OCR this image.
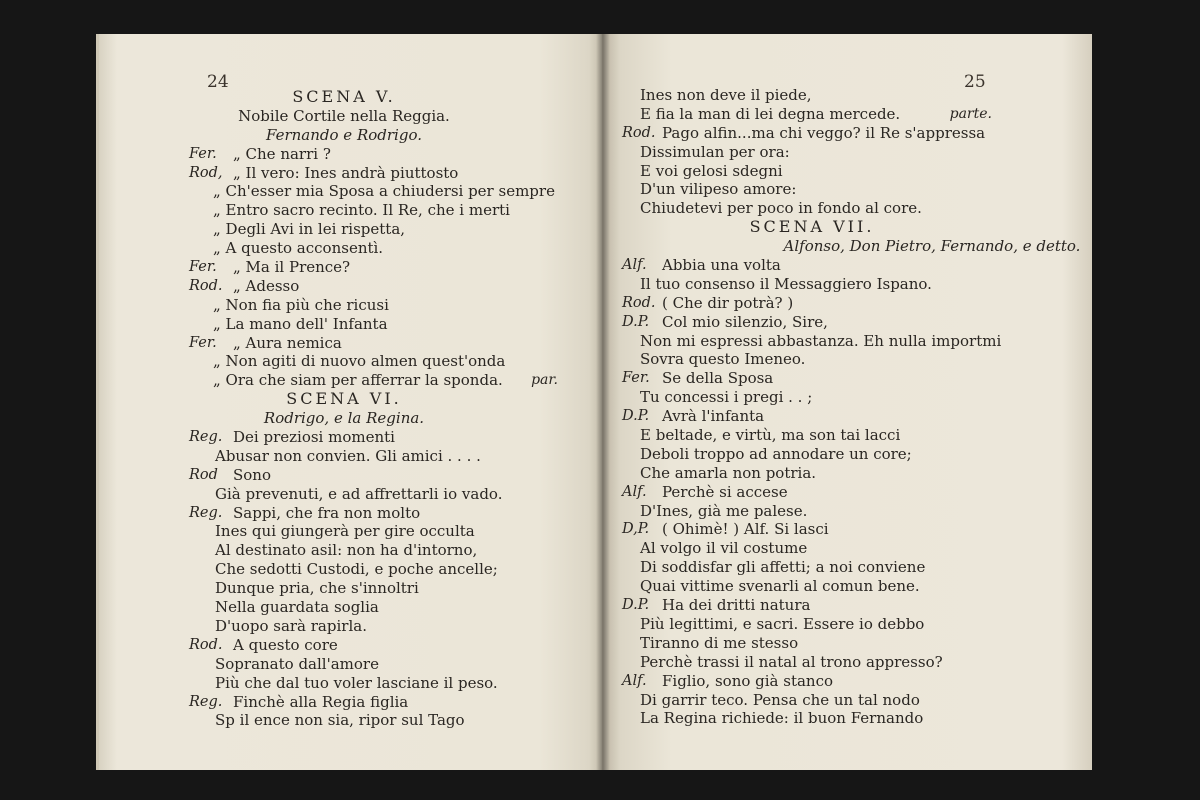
24
SCENA V.
Nobile Cortile nella Reggia.
Fernando e Rodrigo.
Fer. „ Che narri ?
Rod, „ Il vero: Ines andrà piuttosto
„ Ch'esser mia Sposa a chiudersi per sempre
„ Entro sacro recinto. Il Re, che i merti
„ Degli Avi in lei rispetta,
„ A questo acconsentì.
Fer. „ Ma il Prence?
Rod. „ Adesso
„ Non fia più che ricusi
„ La mano dell' Infanta
Fer. „ Aura nemica
„ Non agiti di nuovo almen quest'onda
„ Ora che siam per afferrar la sponda. par.
SCENA VI.
Rodrigo, e la Regina.
Reg. Dei preziosi momenti
Abusar non convien. Gli amici . . . .
Rod Sono
Già prevenuti, e ad affrettarli io vado.
Reg. Sappi, che fra non molto
Ines qui giungerà per gire occulta
Al destinato asil: non ha d'intorno,
Che sedotti Custodi, e poche ancelle;
Dunque pria, che s'innoltri
Nella guardata soglia
D'uopo sarà rapirla.
Rod. A questo core
Sopranato dall'amore
Più che dal tuo voler lasciane il peso.
Reg. Finchè alla Regia figlia
Sp il ence non sia, ripor sul Tago
25
Ines non deve il piede,
E fia la man di lei degna mercede.	parte.
Rod. Pago alfin...ma chi veggo? il Re s'appressa
Dissimulan per ora:
E voi gelosi sdegni
D'un vilipeso amore:
Chiudetevi per poco in fondo al core.
SCENA VII.
Alfonso, Don Pietro, Fernando, e detto.
Alf. Abbia una volta
Il tuo consenso il Messaggiero Ispano.
Rod. ( Che dir potrà? )
D.P. Col mio silenzio, Sire,
Non mi espressi abbastanza. Eh nulla importmi
Sovra questo Imeneo.
Fer. Se della Sposa
Tu concessi i pregi . . ;
D.P. Avrà l'infanta
E beltade, e virtù, ma son tai lacci
Deboli troppo ad annodare un core;
Che amarla non potria.
Alf. Perchè si accese
D'Ines, già me palese.
D,P. ( Ohimè! ) Alf. Si lasci
Al volgo il vil costume
Di soddisfar gli affetti; a noi conviene
Quai vittime svenarli al comun bene.
D.P. Ha dei dritti natura
Più legittimi, e sacri. Essere io debbo
Tiranno di me stesso
Perchè trassi il natal al trono appresso?
Alf. Figlio, sono già stanco
Di garrir teco. Pensa che un tal nodo
La Regina richiede: il buon Fernando
